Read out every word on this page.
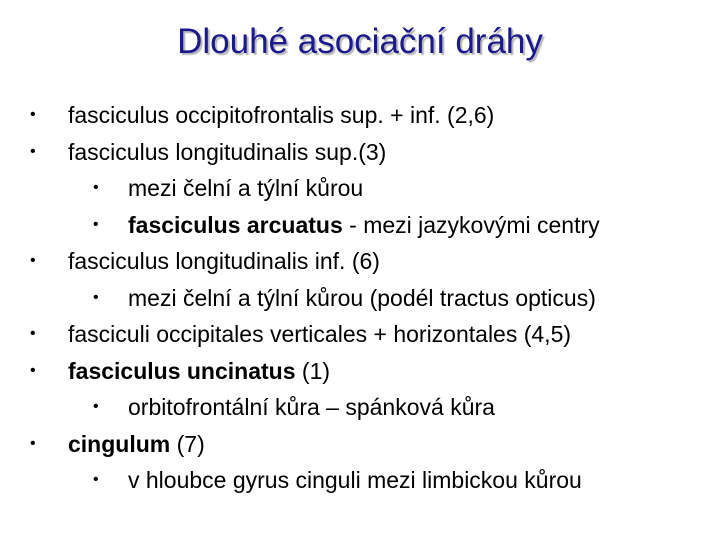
Dlouhé asociační dráhy
• fasciculus occipitofrontalis sup. + inf. (2,6)
• fasciculus longitudinalis sup.(3)
• mezi čelní a týlní kůrou
• fasciculus arcuatus - mezi jazykovými centry
• fasciculus longitudinalis inf. (6)
• mezi čelní a týlní kůrou (podél tractus opticus)
• fasciculi occipitales verticales + horizontales (4,5)
• fasciculus uncinatus (1)
• orbitofrontální kůra – spánková kůra
• cingulum (7)
• v hloubce gyrus cinguli mezi limbickou kůrou
